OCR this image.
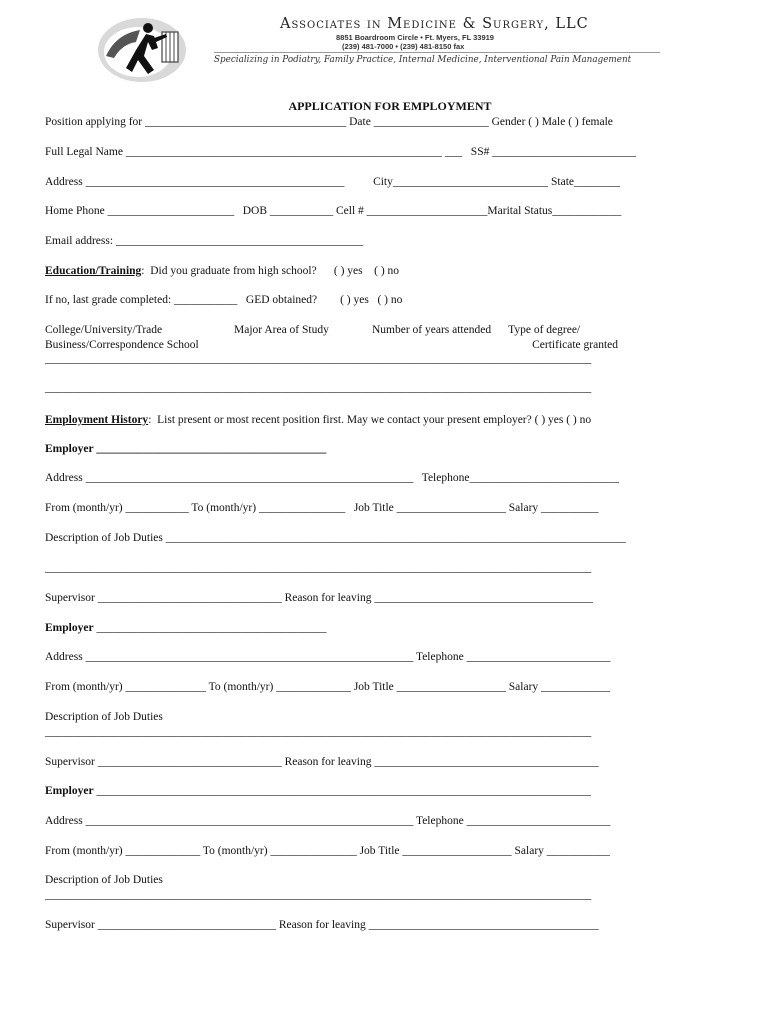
Associates in Medicine & Surgery, LLC
8851 Boardroom Circle • Ft. Myers, FL 33919
(239) 481-7000 • (239) 481-8150 fax
Specializing in Podiatry, Family Practice, Internal Medicine, Interventional Pain Management
APPLICATION FOR EMPLOYMENT
Position applying for ___________________________________ Date ____________________ Gender ( ) Male ( ) female
Full Legal Name _______________________________________________________ ___   SS# _________________________
Address _____________________________________________          City___________________________ State________
Home Phone ______________________   DOB ___________ Cell # _____________________Marital Status____________
Email address: ___________________________________________
Education/Training:  Did you graduate from high school?      ( ) yes    ( ) no
If no, last grade completed: ___________   GED obtained?        ( ) yes   ( ) no
College/University/Trade                         Major Area of Study               Number of years attended      Type of degree/
Business/Correspondence School                                                                                                                    Certificate granted
_______________________________________________________________________________________________
_______________________________________________________________________________________________
Employment History:  List present or most recent position first. May we contact your present employer? ( ) yes ( ) no
Employer ________________________________________
Address _________________________________________________________   Telephone__________________________
From (month/yr) ___________ To (month/yr) _______________   Job Title ___________________ Salary __________
Description of Job Duties ________________________________________________________________________________
_______________________________________________________________________________________________
Supervisor ________________________________ Reason for leaving ______________________________________
Employer ________________________________________
Address _________________________________________________________ Telephone _________________________
From (month/yr) ______________ To (month/yr) _____________ Job Title ___________________ Salary ____________
Description of Job Duties
_______________________________________________________________________________________________
Supervisor ________________________________ Reason for leaving _______________________________________
Employer ______________________________________________________________________________________
Address _________________________________________________________ Telephone _________________________
From (month/yr) _____________ To (month/yr) _______________ Job Title ___________________ Salary ___________
Description of Job Duties
_______________________________________________________________________________________________
Supervisor _______________________________ Reason for leaving ________________________________________
